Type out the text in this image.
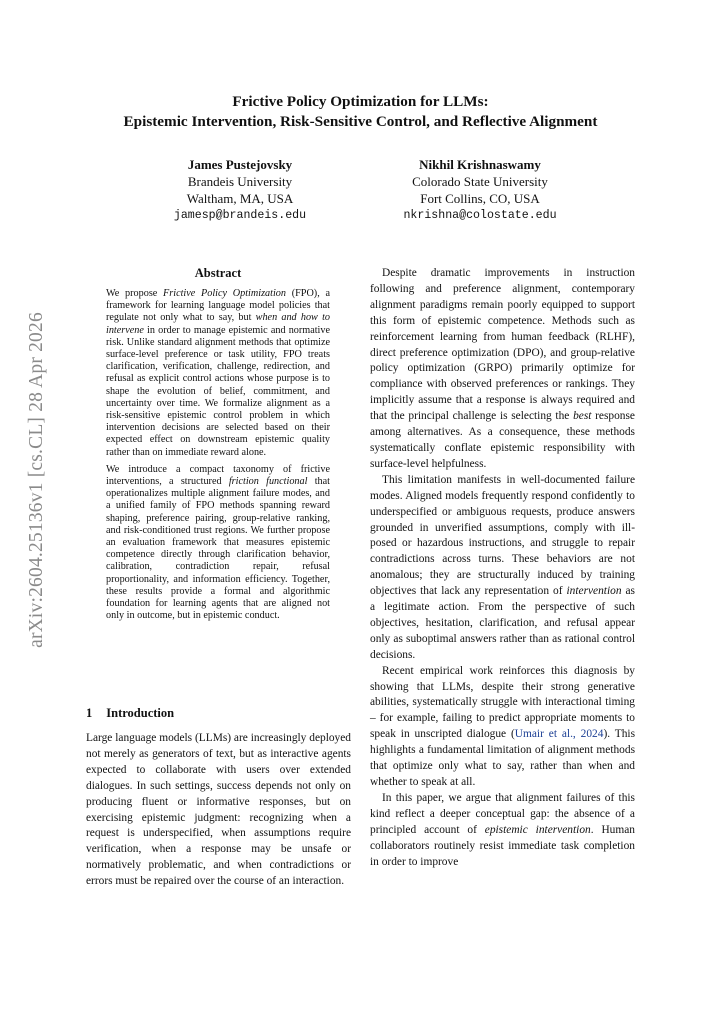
Frictive Policy Optimization for LLMs:
Epistemic Intervention, Risk-Sensitive Control, and Reflective Alignment
James Pustejovsky
Brandeis University
Waltham, MA, USA
jamesp@brandeis.edu
Nikhil Krishnaswamy
Colorado State University
Fort Collins, CO, USA
nkrishna@colostate.edu
arXiv:2604.25136v1 [cs.CL] 28 Apr 2026
Abstract

We propose Frictive Policy Optimization (FPO), a framework for learning language model policies that regulate not only what to say, but when and how to intervene in order to manage epistemic and normative risk. Unlike standard alignment methods that optimize surface-level preference or task utility, FPO treats clarification, verification, challenge, redirection, and refusal as explicit control actions whose purpose is to shape the evolution of belief, commitment, and uncertainty over time. We formalize alignment as a risk-sensitive epistemic control problem in which intervention decisions are selected based on their expected effect on downstream epistemic quality rather than on immediate reward alone.

We introduce a compact taxonomy of frictive interventions, a structured friction functional that operationalizes multiple alignment failure modes, and a unified family of FPO methods spanning reward shaping, preference pairing, group-relative ranking, and risk-conditioned trust regions. We further propose an evaluation framework that measures epistemic competence directly through clarification behavior, calibration, contradiction repair, refusal proportionality, and information efficiency. Together, these results provide a formal and algorithmic foundation for learning agents that are aligned not only in outcome, but in epistemic conduct.

1 Introduction

Large language models (LLMs) are increasingly deployed not merely as generators of text, but as interactive agents expected to collaborate with users over extended dialogues. In such settings, success depends not only on producing fluent or informative responses, but on exercising epistemic judgment: recognizing when a request is underspecified, when assumptions require verification, when a response may be unsafe or normatively problematic, and when contradictions or errors must be repaired over the course of an interaction.

Despite dramatic improvements in instruction following and preference alignment, contemporary alignment paradigms remain poorly equipped to support this form of epistemic competence. Methods such as reinforcement learning from human feedback (RLHF), direct preference optimization (DPO), and group-relative policy optimization (GRPO) primarily optimize for compliance with observed preferences or rankings. They implicitly assume that a response is always required and that the principal challenge is selecting the best response among alternatives. As a consequence, these methods systematically conflate epistemic responsibility with surface-level helpfulness.

This limitation manifests in well-documented failure modes. Aligned models frequently respond confidently to underspecified or ambiguous requests, produce answers grounded in unverified assumptions, comply with ill-posed or hazardous instructions, and struggle to repair contradictions across turns. These behaviors are not anomalous; they are structurally induced by training objectives that lack any representation of intervention as a legitimate action. From the perspective of such objectives, hesitation, clarification, and refusal appear only as suboptimal answers rather than as rational control decisions.

Recent empirical work reinforces this diagnosis by showing that LLMs, despite their strong generative abilities, systematically struggle with interactional timing – for example, failing to predict appropriate moments to speak in unscripted dialogue (Umair et al., 2024). This highlights a fundamental limitation of alignment methods that optimize only what to say, rather than when and whether to speak at all.

In this paper, we argue that alignment failures of this kind reflect a deeper conceptual gap: the absence of a principled account of epistemic intervention. Human collaborators routinely resist immediate task completion in order to improve
